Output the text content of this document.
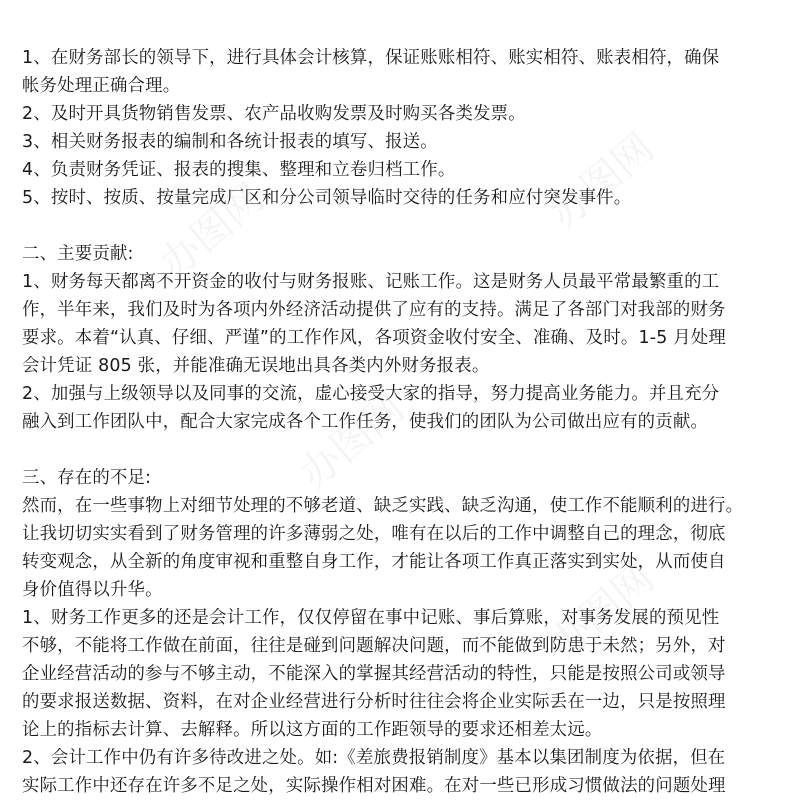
办图网
办图网
办图网
办图网
1、在财务部长的领导下，进行具体会计核算，保证账账相符、账实相符、账表相符，确保
帐务处理正确合理。
2、及时开具货物销售发票、农产品收购发票及时购买各类发票。
3、相关财务报表的编制和各统计报表的填写、报送。
4、负责财务凭证、报表的搜集、整理和立卷归档工作。
5、按时、按质、按量完成厂区和分公司领导临时交待的任务和应付突发事件。
二、主要贡献:
1、财务每天都离不开资金的收付与财务报账、记账工作。这是财务人员最平常最繁重的工
作，半年来，我们及时为各项内外经济活动提供了应有的支持。满足了各部门对我部的财务
要求。本着“认真、仔细、严谨”的工作作风，各项资金收付安全、准确、及时。1-5 月处理
会计凭证 805 张，并能准确无误地出具各类内外财务报表。
2、加强与上级领导以及同事的交流，虚心接受大家的指导，努力提高业务能力。并且充分
融入到工作团队中，配合大家完成各个工作任务，使我们的团队为公司做出应有的贡献。
三、存在的不足:
然而，在一些事物上对细节处理的不够老道、缺乏实践、缺乏沟通，使工作不能顺利的进行。
让我切切实实看到了财务管理的许多薄弱之处，唯有在以后的工作中调整自己的理念，彻底
转变观念，从全新的角度审视和重整自身工作，才能让各项工作真正落实到实处，从而使自
身价值得以升华。
1、财务工作更多的还是会计工作，仅仅停留在事中记账、事后算账，对事务发展的预见性
不够，不能将工作做在前面，往往是碰到问题解决问题，而不能做到防患于未然；另外，对
企业经营活动的参与不够主动，不能深入的掌握其经营活动的特性，只能是按照公司或领导
的要求报送数据、资料，在对企业经营进行分析时往往会将企业实际丢在一边，只是按照理
论上的指标去计算、去解释。所以这方面的工作距领导的要求还相差太远。
2、会计工作中仍有许多待改进之处。如:《差旅费报销制度》基本以集团制度为依据，但在
实际工作中还存在许多不足之处，实际操作相对困难。在对一些已形成习惯做法的问题处理
